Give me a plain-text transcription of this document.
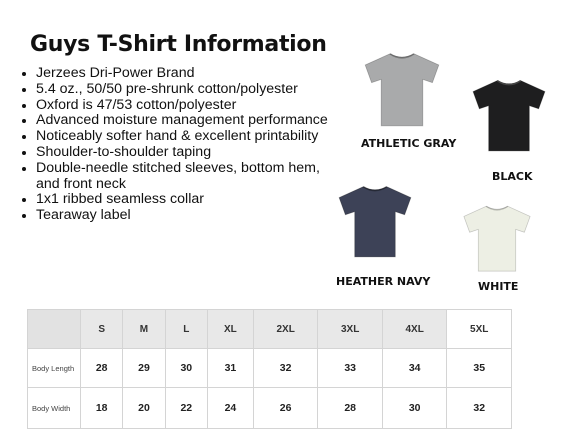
Guys T-Shirt Information
Jerzees Dri-Power Brand
5.4 oz., 50/50 pre-shrunk cotton/polyester
Oxford is 47/53 cotton/polyester
Advanced moisture management performance
Noticeably softer hand & excellent printability
Shoulder-to-shoulder taping
Double-needle stitched sleeves, bottom hem, and front neck
1x1 ribbed seamless collar
Tearaway label
ATHLETIC GRAY
BLACK
HEATHER NAVY	WHITE
	S	M	L	XL	2XL	3XL	4XL	5XL
Body Length	28	29	30	31	32	33	34	35
Body Width	18	20	22	24	26	28	30	32
